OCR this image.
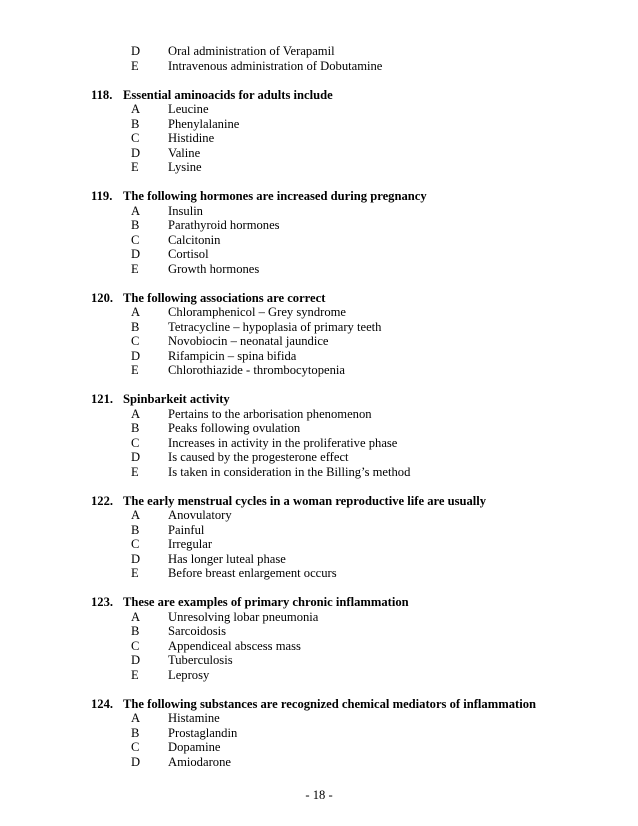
D Oral administration of Verapamil
E Intravenous administration of Dobutamine
118. Essential aminoacids for adults include
A Leucine
B Phenylalanine
C Histidine
D Valine
E Lysine
119. The following hormones are increased during pregnancy
A Insulin
B Parathyroid hormones
C Calcitonin
D Cortisol
E Growth hormones
120. The following associations are correct
A Chloramphenicol – Grey syndrome
B Tetracycline – hypoplasia of primary teeth
C Novobiocin – neonatal jaundice
D Rifampicin – spina bifida
E Chlorothiazide - thrombocytopenia
121. Spinbarkeit activity
A Pertains to the arborisation phenomenon
B Peaks following ovulation
C Increases in activity in the proliferative phase
D Is caused by the progesterone effect
E Is taken in consideration in the Billing’s method
122. The early menstrual cycles in a woman reproductive life are usually
A Anovulatory
B Painful
C Irregular
D Has longer luteal phase
E Before breast enlargement occurs
123. These are examples of primary chronic inflammation
A Unresolving lobar pneumonia
B Sarcoidosis
C Appendiceal abscess mass
D Tuberculosis
E Leprosy
124. The following substances are recognized chemical mediators of inflammation
A Histamine
B Prostaglandin
C Dopamine
D Amiodarone
- 18 -
